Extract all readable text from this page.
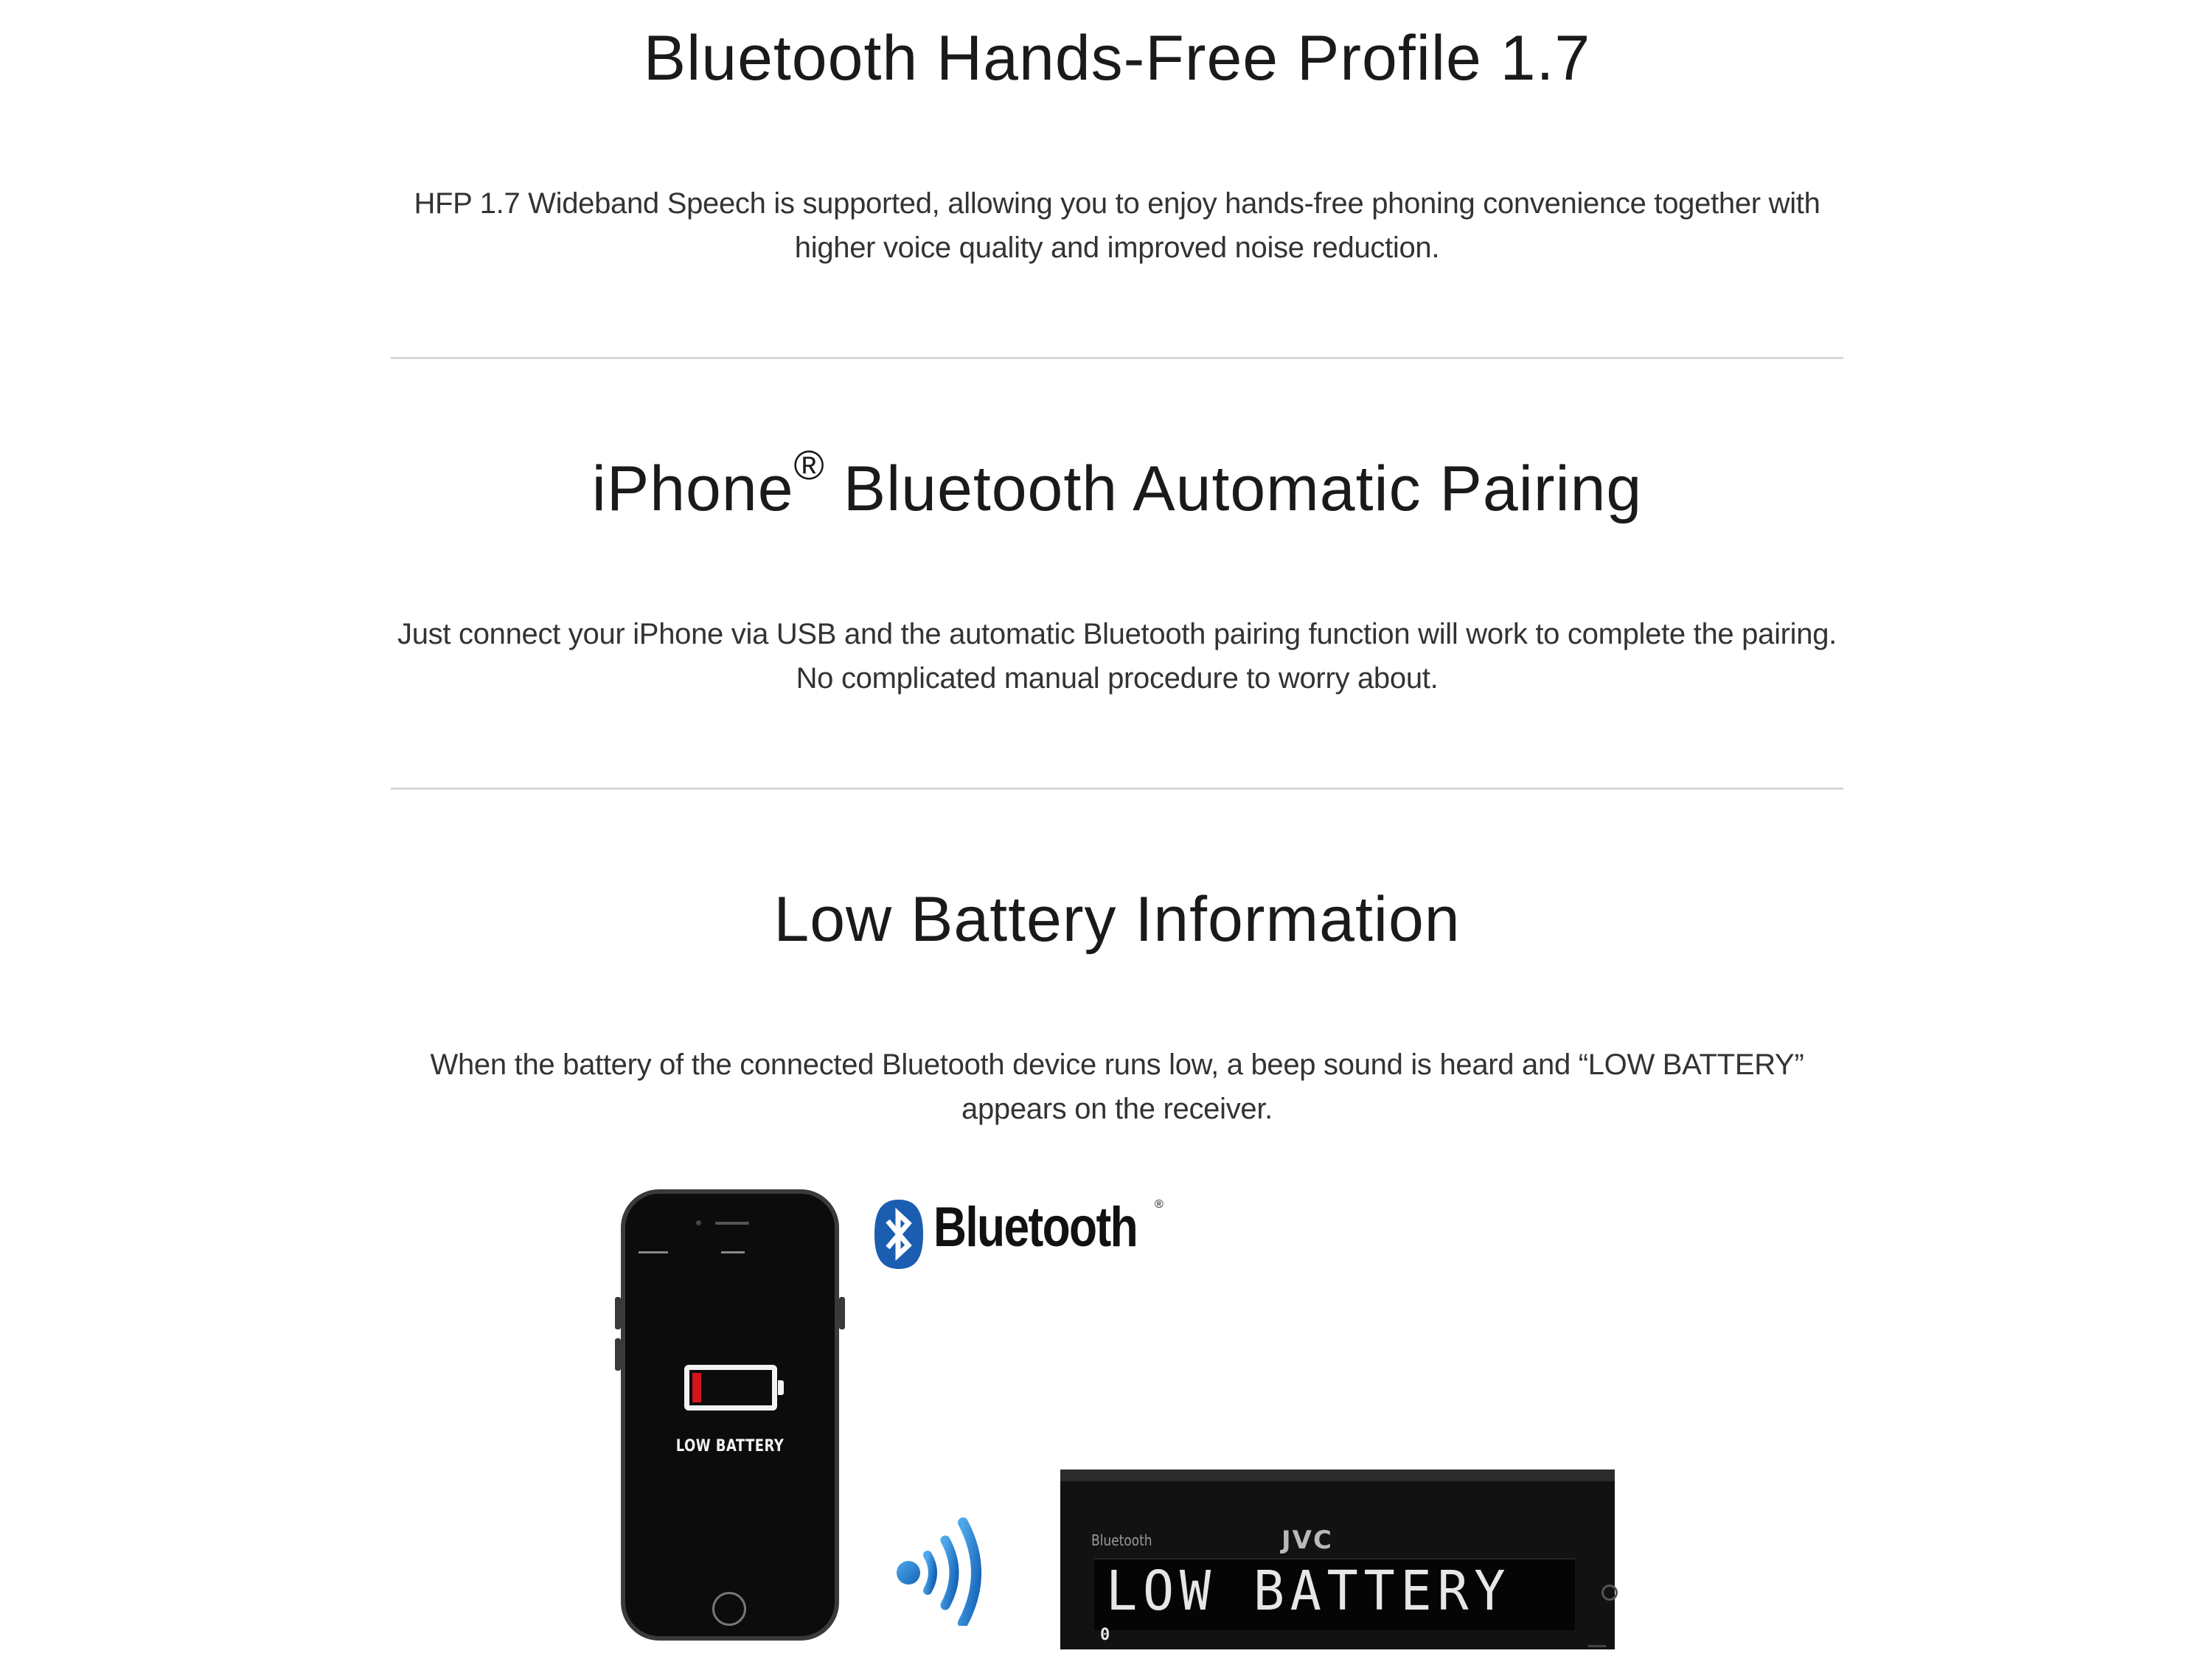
Bluetooth Hands-Free Profile 1.7

HFP 1.7 Wideband Speech is supported, allowing you to enjoy hands-free phoning convenience together with higher voice quality and improved noise reduction.

iPhone® Bluetooth Automatic Pairing

Just connect your iPhone via USB and the automatic Bluetooth pairing function will work to complete the pairing. No complicated manual procedure to worry about.

Low Battery Information

When the battery of the connected Bluetooth device runs low, a beep sound is heard and “LOW BATTERY” appears on the receiver.

LOW BATTERY
Bluetooth ®
Bluetooth	JVC
LOW BATTERY
0
